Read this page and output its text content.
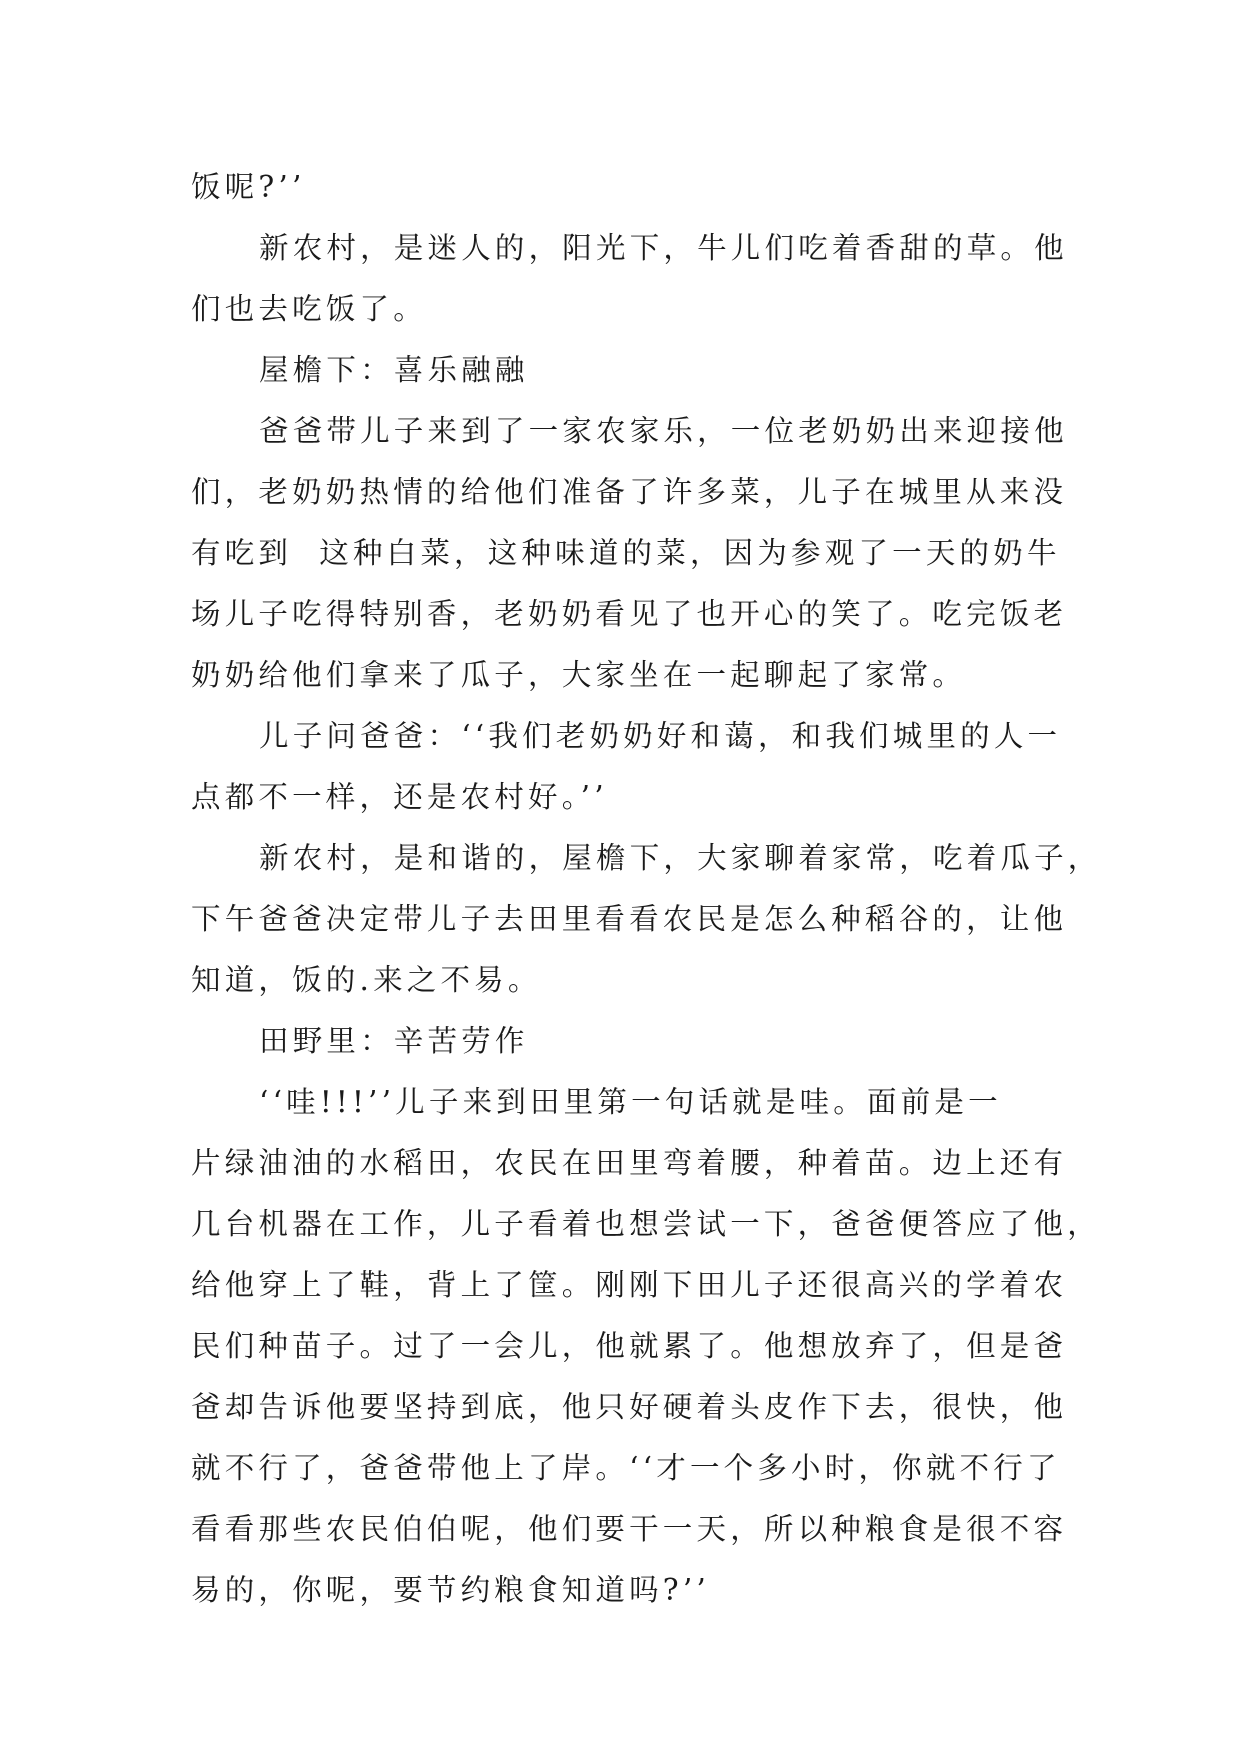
饭呢?’’
新农村，是迷人的，阳光下，牛儿们吃着香甜的草。他
们也去吃饭了。
屋檐下：喜乐融融
爸爸带儿子来到了一家农家乐，一位老奶奶出来迎接他
们，老奶奶热情的给他们准备了许多菜，儿子在城里从来没
有吃到  这种白菜，这种味道的菜，因为参观了一天的奶牛
场儿子吃得特别香，老奶奶看见了也开心的笑了。吃完饭老
奶奶给他们拿来了瓜子，大家坐在一起聊起了家常。
儿子问爸爸：‘‘我们老奶奶好和蔼，和我们城里的人一
点都不一样，还是农村好。’’
新农村，是和谐的，屋檐下，大家聊着家常，吃着瓜子，
下午爸爸决定带儿子去田里看看农民是怎么种稻谷的，让他
知道，饭的.来之不易。
田野里：辛苦劳作
‘‘哇!!!’’儿子来到田里第一句话就是哇。面前是一
片绿油油的水稻田，农民在田里弯着腰，种着苗。边上还有
几台机器在工作，儿子看着也想尝试一下，爸爸便答应了他，
给他穿上了鞋，背上了筐。刚刚下田儿子还很高兴的学着农
民们种苗子。过了一会儿，他就累了。他想放弃了，但是爸
爸却告诉他要坚持到底，他只好硬着头皮作下去，很快，他
就不行了，爸爸带他上了岸。‘‘才一个多小时，你就不行了
看看那些农民伯伯呢，他们要干一天，所以种粮食是很不容
易的，你呢，要节约粮食知道吗?’’
